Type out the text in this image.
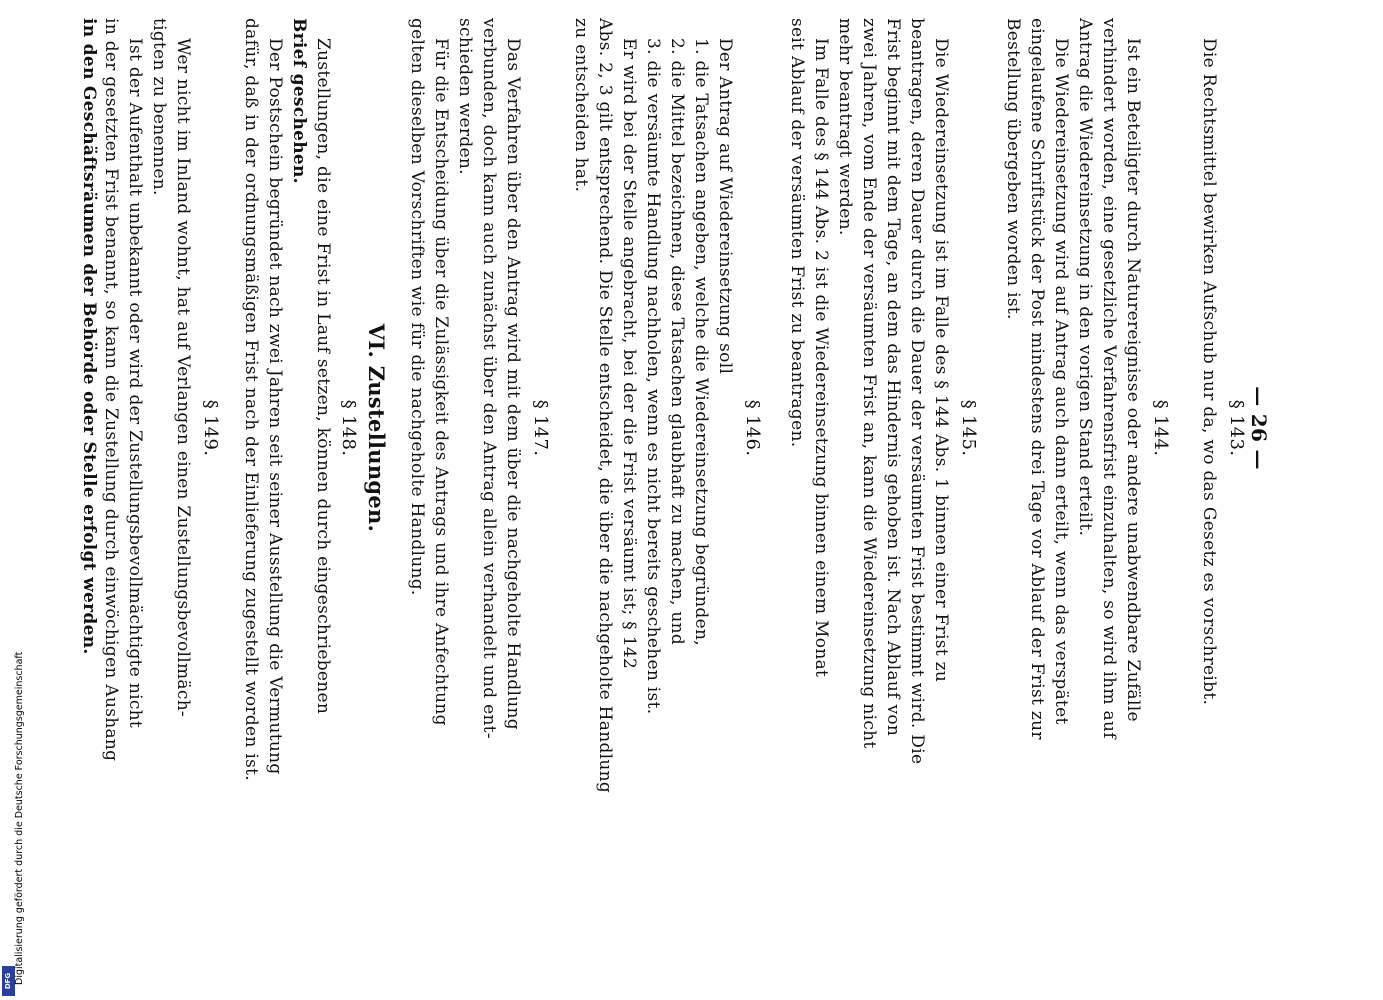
— 26 —
§ 143.
Die Rechtsmittel bewirken Aufschub nur da, wo das Gesetz es vorschreibt.
§ 144.
Ist ein Beteiligter durch Naturereignisse oder andere unabwendbare Zufälle
verhindert worden, eine gesetzliche Verfahrensfrist einzuhalten, so wird ihm auf
Antrag die Wiedereinsetzung in den vorigen Stand erteilt.
Die Wiedereinsetzung wird auf Antrag auch dann erteilt, wenn das verspätet
eingelaufene Schriftstück der Post mindestens drei Tage vor Ablauf der Frist zur
Bestellung übergeben worden ist.
§ 145.
Die Wiedereinsetzung ist im Falle des § 144 Abs. 1 binnen einer Frist zu
beantragen, deren Dauer durch die Dauer der versäumten Frist bestimmt wird. Die
Frist beginnt mit dem Tage, an dem das Hindernis gehoben ist. Nach Ablauf von
zwei Jahren, vom Ende der versäumten Frist an, kann die Wiedereinsetzung nicht
mehr beantragt werden.
Im Falle des § 144 Abs. 2 ist die Wiedereinsetzung binnen einem Monat
seit Ablauf der versäumten Frist zu beantragen.
§ 146.
Der Antrag auf Wiedereinsetzung soll
1. die Tatsachen angeben, welche die Wiedereinsetzung begründen,
2. die Mittel bezeichnen, diese Tatsachen glaubhaft zu machen, und
3. die versäumte Handlung nachholen, wenn es nicht bereits geschehen ist.
Er wird bei der Stelle angebracht, bei der die Frist versäumt ist; § 142
Abs. 2, 3 gilt entsprechend. Die Stelle entscheidet, die über die nachgeholte Handlung
zu entscheiden hat.
§ 147.
Das Verfahren über den Antrag wird mit dem über die nachgeholte Handlung
verbunden, doch kann auch zunächst über den Antrag allein verhandelt und ent-
schieden werden.
Für die Entscheidung über die Zulässigkeit des Antrags und ihre Anfechtung
gelten dieselben Vorschriften wie für die nachgeholte Handlung.
VI. Zustellungen.
§ 148.
Zustellungen, die eine Frist in Lauf setzen, können durch eingeschriebenen
Brief geschehen.
Der Postschein begründet nach zwei Jahren seit seiner Ausstellung die Vermutung
dafür, daß in der ordnungsmäßigen Frist nach der Einlieferung zugestellt worden ist.
§ 149.
Wer nicht im Inland wohnt, hat auf Verlangen einen Zustellungsbevollmäch-
tigten zu benennen.
Ist der Aufenthalt unbekannt oder wird der Zustellungsbevollmächtigte nicht
in der gesetzten Frist benannt, so kann die Zustellung durch einwöchigen Aushang
in den Geschäftsräumen der Behörde oder Stelle erfolgt werden.
DFG Digitalisierung gefördert durch die Deutsche Forschungsgemeinschaft
